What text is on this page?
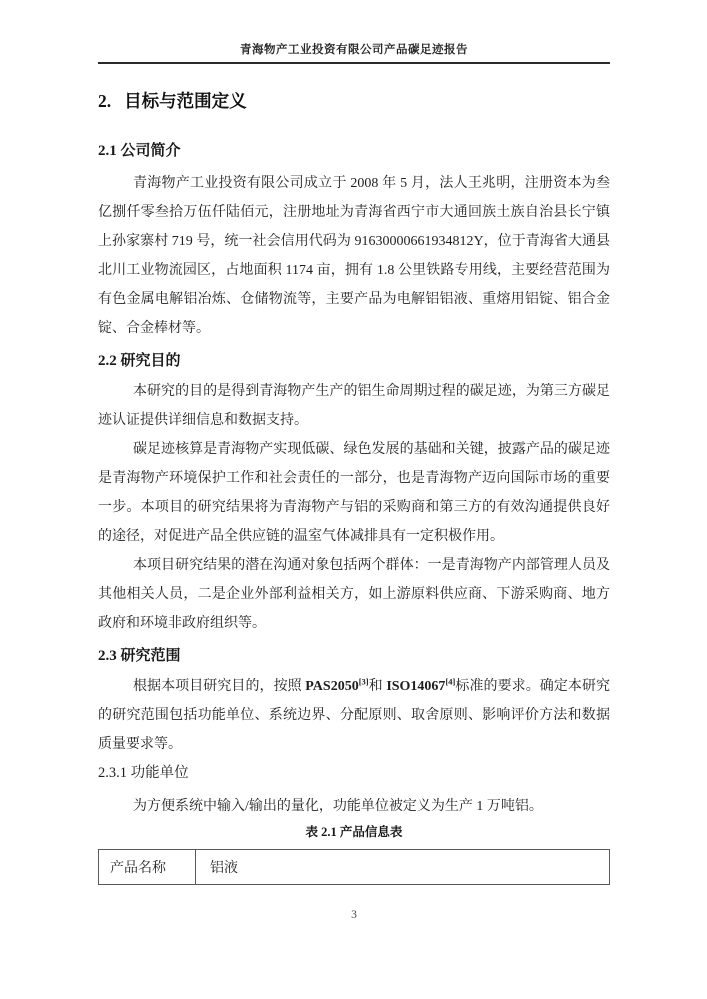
青海物产工业投资有限公司产品碳足迹报告
2. 目标与范围定义
2.1 公司简介

青海物产工业投资有限公司成立于 2008 年 5 月，法人王兆明，注册资本为叁亿捌仟零叁拾万伍仟陆佰元，注册地址为青海省西宁市大通回族土族自治县长宁镇上孙家寨村 719 号，统一社会信用代码为 91630000661934812Y，位于青海省大通县北川工业物流园区，占地面积 1174 亩，拥有 1.8 公里铁路专用线，主要经营范围为有色金属电解铝冶炼、仓储物流等，主要产品为电解铝铝液、重熔用铝锭、铝合金锭、合金棒材等。

2.2 研究目的

本研究的目的是得到青海物产生产的铝生命周期过程的碳足迹，为第三方碳足迹认证提供详细信息和数据支持。

碳足迹核算是青海物产实现低碳、绿色发展的基础和关键，披露产品的碳足迹是青海物产环境保护工作和社会责任的一部分，也是青海物产迈向国际市场的重要一步。本项目的研究结果将为青海物产与铝的采购商和第三方的有效沟通提供良好的途径，对促进产品全供应链的温室气体减排具有一定积极作用。

本项目研究结果的潜在沟通对象包括两个群体：一是青海物产内部管理人员及其他相关人员，二是企业外部利益相关方，如上游原料供应商、下游采购商、地方政府和环境非政府组织等。

2.3 研究范围

根据本项目研究目的，按照 PAS2050[3]和 ISO14067[4]标准的要求。确定本研究的研究范围包括功能单位、系统边界、分配原则、取舍原则、影响评价方法和数据质量要求等。

2.3.1 功能单位

为方便系统中输入/输出的量化，功能单位被定义为生产 1 万吨铝。

表 2.1 产品信息表
产品名称	铝液
3
